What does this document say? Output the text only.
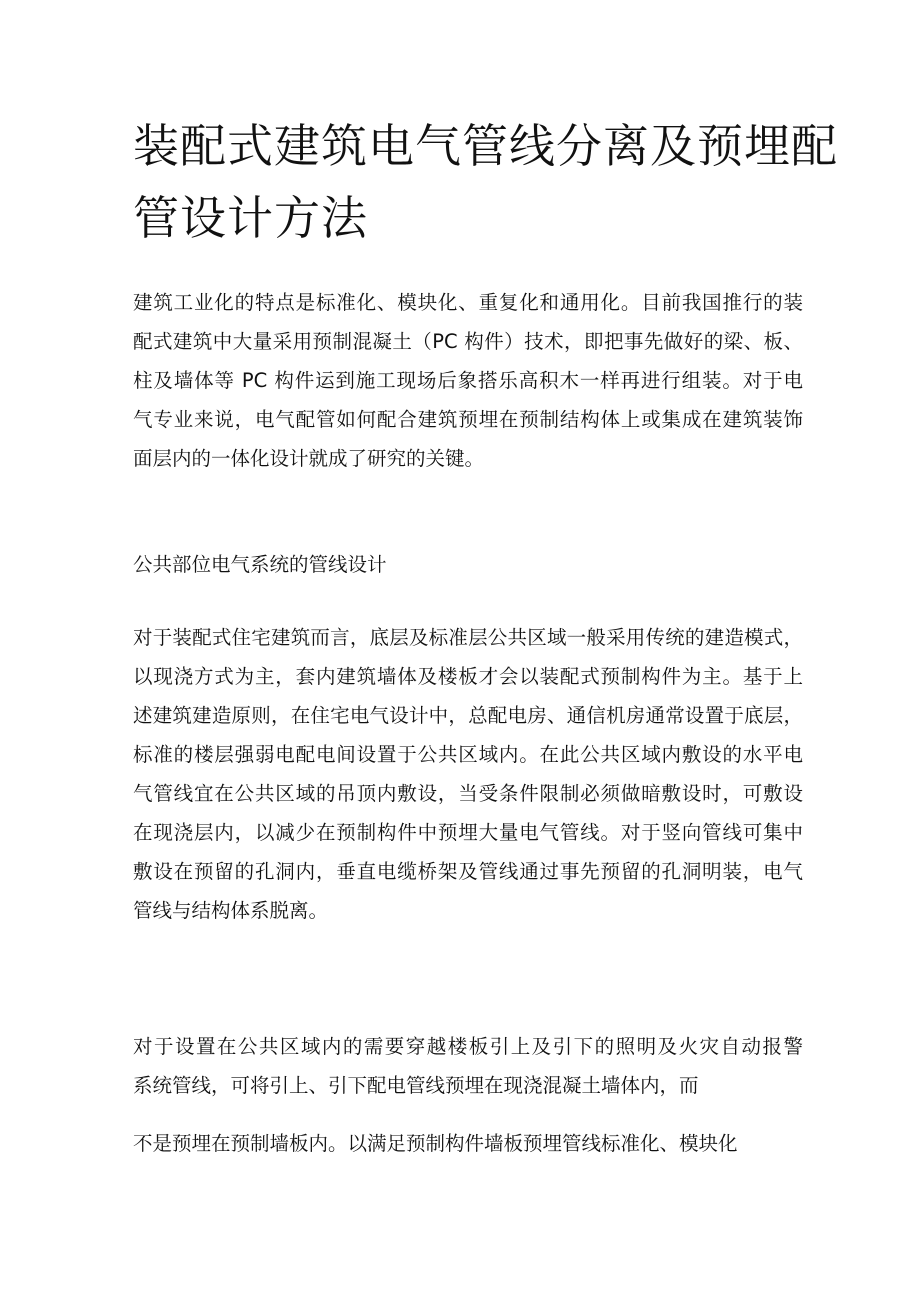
装配式建筑电气管线分离及预埋配
管设计方法

建筑工业化的特点是标准化、模块化、重复化和通用化。目前我国推行的装
配式建筑中大量采用预制混凝土（PC 构件）技术，即把事先做好的梁、板、
柱及墙体等 PC 构件运到施工现场后象搭乐高积木一样再进行组装。对于电
气专业来说，电气配管如何配合建筑预埋在预制结构体上或集成在建筑装饰
面层内的一体化设计就成了研究的关键。

公共部位电气系统的管线设计

对于装配式住宅建筑而言，底层及标准层公共区域一般采用传统的建造模式，
以现浇方式为主，套内建筑墙体及楼板才会以装配式预制构件为主。基于上
述建筑建造原则，在住宅电气设计中，总配电房、通信机房通常设置于底层，
标准的楼层强弱电配电间设置于公共区域内。在此公共区域内敷设的水平电
气管线宜在公共区域的吊顶内敷设，当受条件限制必须做暗敷设时，可敷设
在现浇层内，以减少在预制构件中预埋大量电气管线。对于竖向管线可集中
敷设在预留的孔洞内，垂直电缆桥架及管线通过事先预留的孔洞明装，电气
管线与结构体系脱离。

对于设置在公共区域内的需要穿越楼板引上及引下的照明及火灾自动报警
系统管线，可将引上、引下配电管线预埋在现浇混凝土墙体内，而

不是预埋在预制墙板内。以满足预制构件墙板预埋管线标准化、模块化
